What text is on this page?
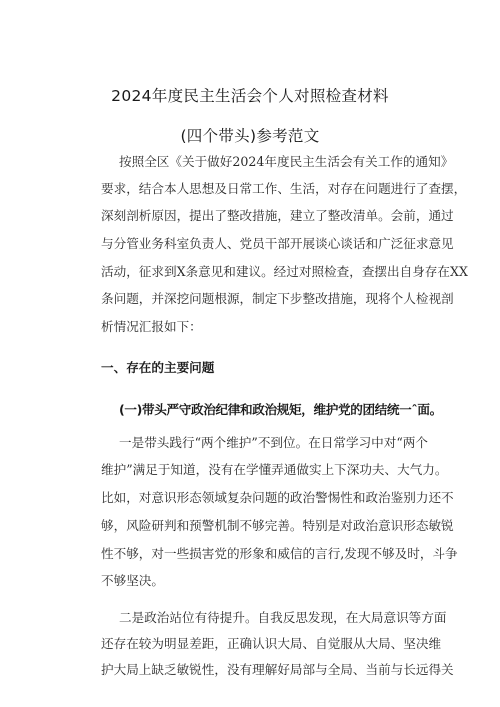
2024年度民主生活会个人对照检查材料
(四个带头)参考范文
按照全区《关于做好2024年度民主生活会有关工作的通知》
要求，结合本人思想及日常工作、生活，对存在问题进行了查摆，
深刻剖析原因，提出了整改措施，建立了整改清单。会前，通过
与分管业务科室负责人、党员干部开展谈心谈话和广泛征求意见
活动，征求到X条意见和建议。经过对照检查，查摆出自身存在XX
条问题，并深挖问题根源，制定下步整改措施，现将个人检视剖
析情况汇报如下：
一、存在的主要问题
(一)带头严守政治纪律和政治规矩，维护党的团结统一ˆ面。
一是带头践行“两个维护”不到位。在日常学习中对“两个
维护”满足于知道，没有在学懂弄通做实上下深功夫、大气力。
比如，对意识形态领域复杂问题的政治警惕性和政治鉴别力还不
够，风险研判和预警机制不够完善。特别是对政治意识形态敏锐
性不够，对一些损害党的形象和威信的言行,发现不够及时，斗争
不够坚决。
二是政治站位有待提升。自我反思发现，在大局意识等方面
还存在较为明显差距，正确认识大局、自觉服从大局、坚决维
护大局上缺乏敏锐性，没有理解好局部与全局、当前与长远得关
